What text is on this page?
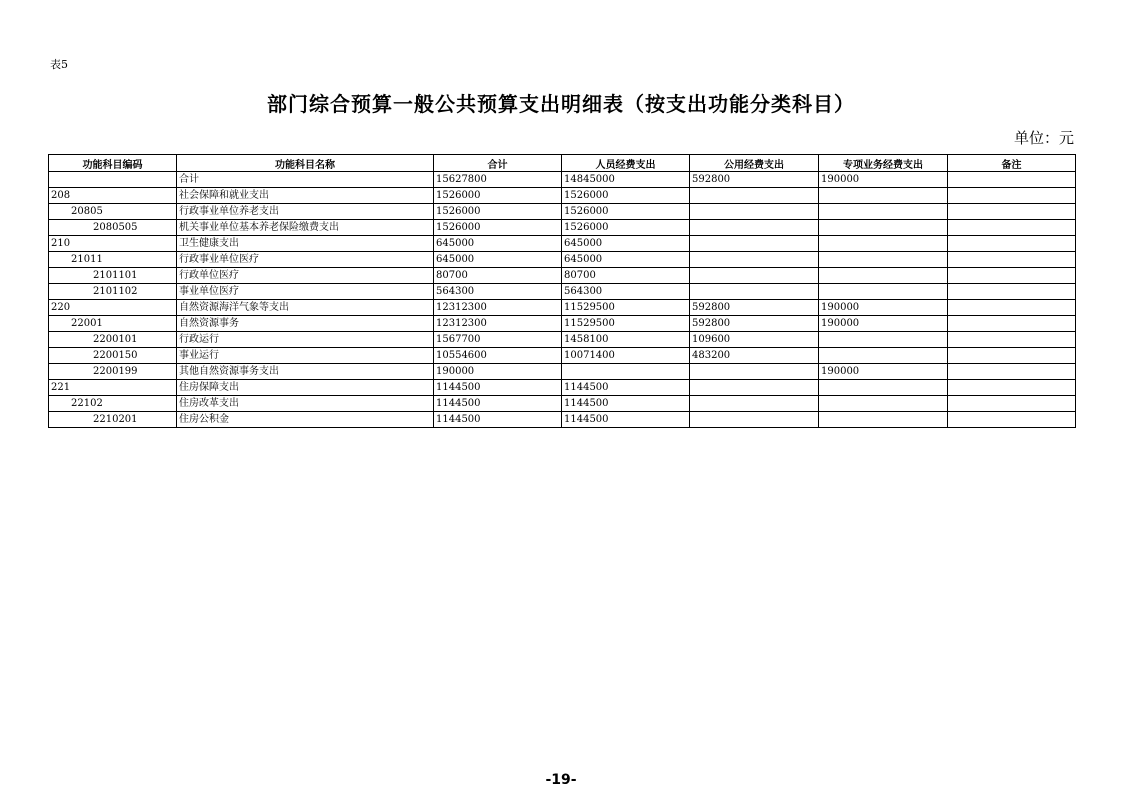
表5
部门综合预算一般公共预算支出明细表（按支出功能分类科目）
单位：元
功能科目编码	功能科目名称	合计	人员经费支出	公用经费支出	专项业务经费支出	备注
	合计	15627800	14845000	592800	190000	
208	社会保障和就业支出	1526000	1526000			
20805	行政事业单位养老支出	1526000	1526000			
2080505	机关事业单位基本养老保险缴费支出	1526000	1526000			
210	卫生健康支出	645000	645000			
21011	行政事业单位医疗	645000	645000			
2101101	行政单位医疗	80700	80700			
2101102	事业单位医疗	564300	564300			
220	自然资源海洋气象等支出	12312300	11529500	592800	190000	
22001	自然资源事务	12312300	11529500	592800	190000	
2200101	行政运行	1567700	1458100	109600		
2200150	事业运行	10554600	10071400	483200		
2200199	其他自然资源事务支出	190000			190000	
221	住房保障支出	1144500	1144500			
22102	住房改革支出	1144500	1144500			
2210201	住房公积金	1144500	1144500			
-19-
